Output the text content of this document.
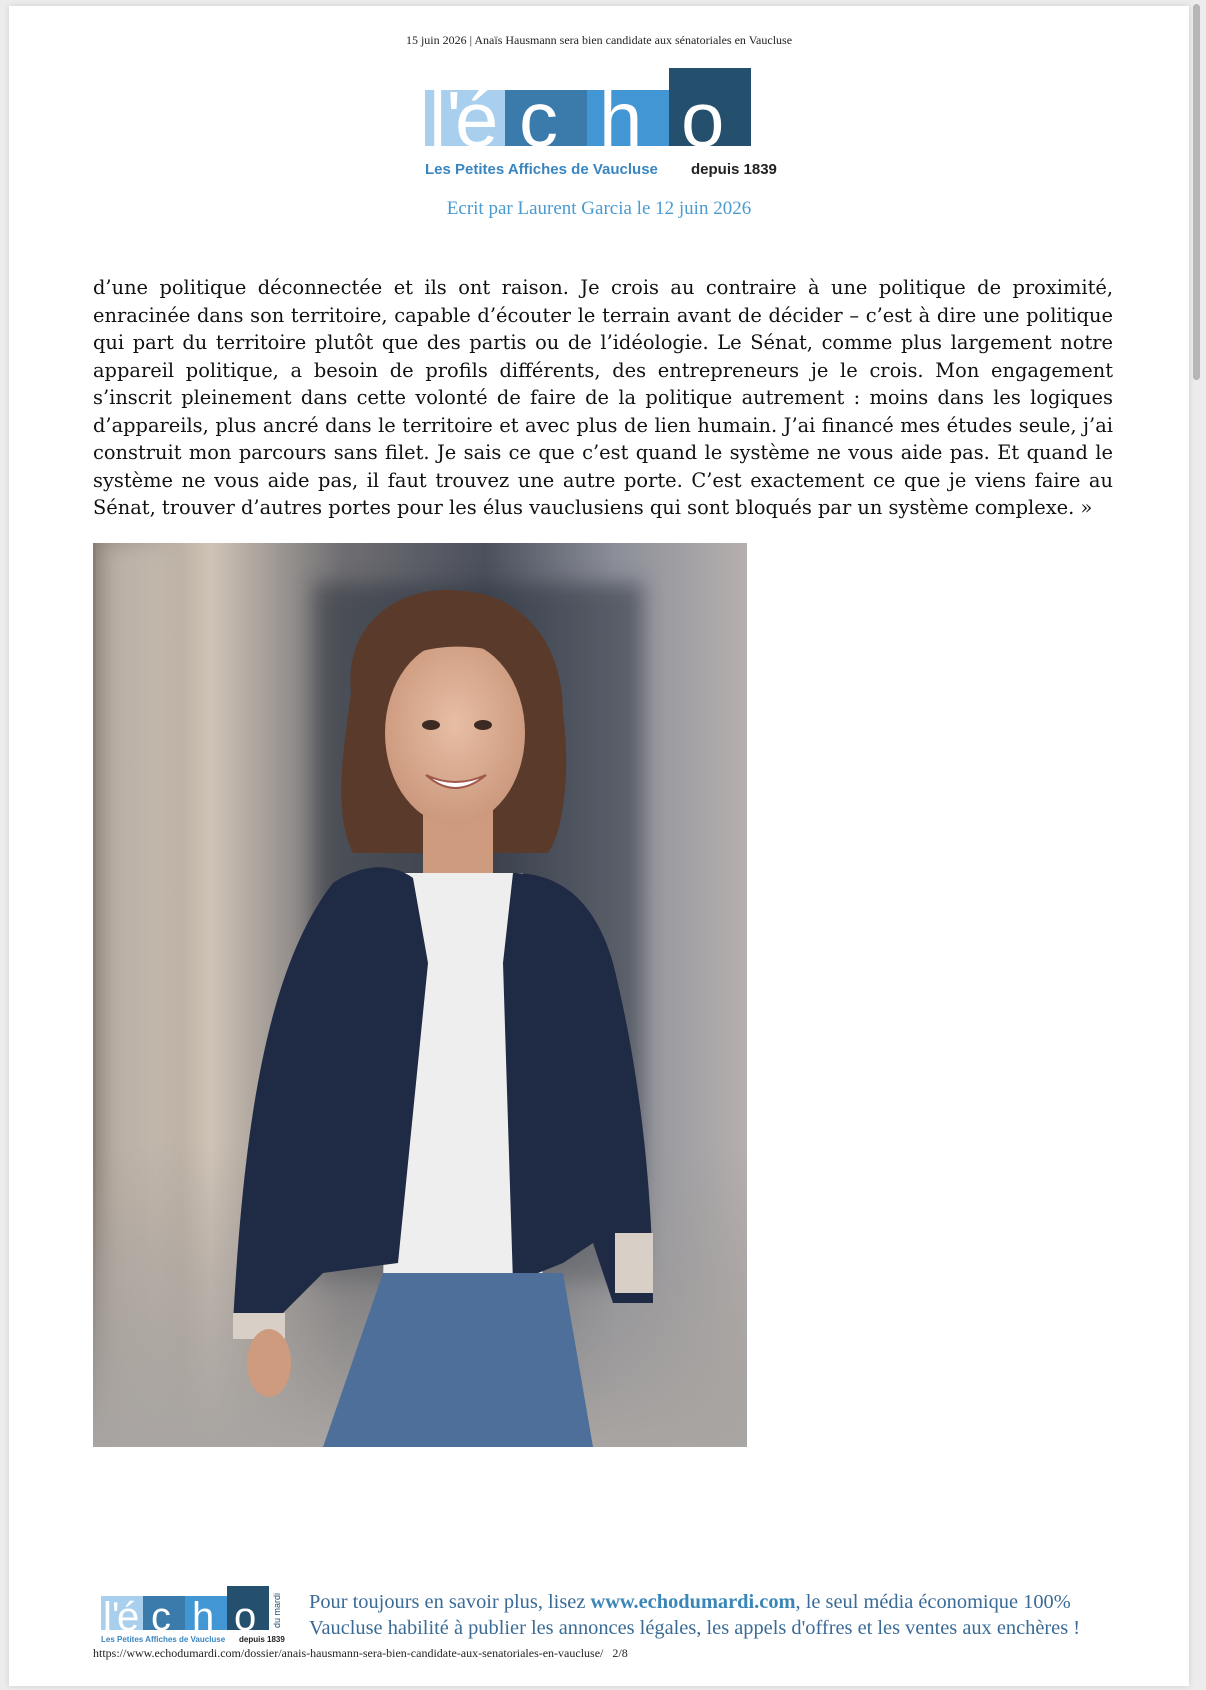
15 juin 2026 | Anaïs Hausmann sera bien candidate aux sénatoriales en Vaucluse
l'
é c h o du mardi
Les Petites Affiches de Vaucluse depuis 1839
Ecrit par Laurent Garcia le 12 juin 2026

d’une politique déconnectée et ils ont raison. Je crois au contraire à une politique de proximité, enracinée dans son territoire, capable d’écouter le terrain avant de décider – c’est à dire une politique qui part du territoire plutôt que des partis ou de l’idéologie. Le Sénat, comme plus largement notre appareil politique, a besoin de profils différents, des entrepreneurs je le crois. Mon engagement s’inscrit pleinement dans cette volonté de faire de la politique autrement : moins dans les logiques d’appareils, plus ancré dans le territoire et avec plus de lien humain. J’ai financé mes études seule, j’ai construit mon parcours sans filet. Je sais ce que c’est quand le système ne vous aide pas. Et quand le système ne vous aide pas, il faut trouvez une autre porte. C’est exactement ce que je viens faire au Sénat, trouver d’autres portes pour les élus vauclusiens qui sont bloqués par un système complexe. »

l'
é c h o du mardi
Les Petites Affiches de Vaucluse depuis 1839

Pour toujours en savoir plus, lisez www.echodumardi.com, le seul média économique 100% Vaucluse habilité à publier les annonces légales, les appels d'offres et les ventes aux enchères !

https://www.echodumardi.com/dossier/anais-hausmann-sera-bien-candidate-aux-senatoriales-en-vaucluse/ 2/8
